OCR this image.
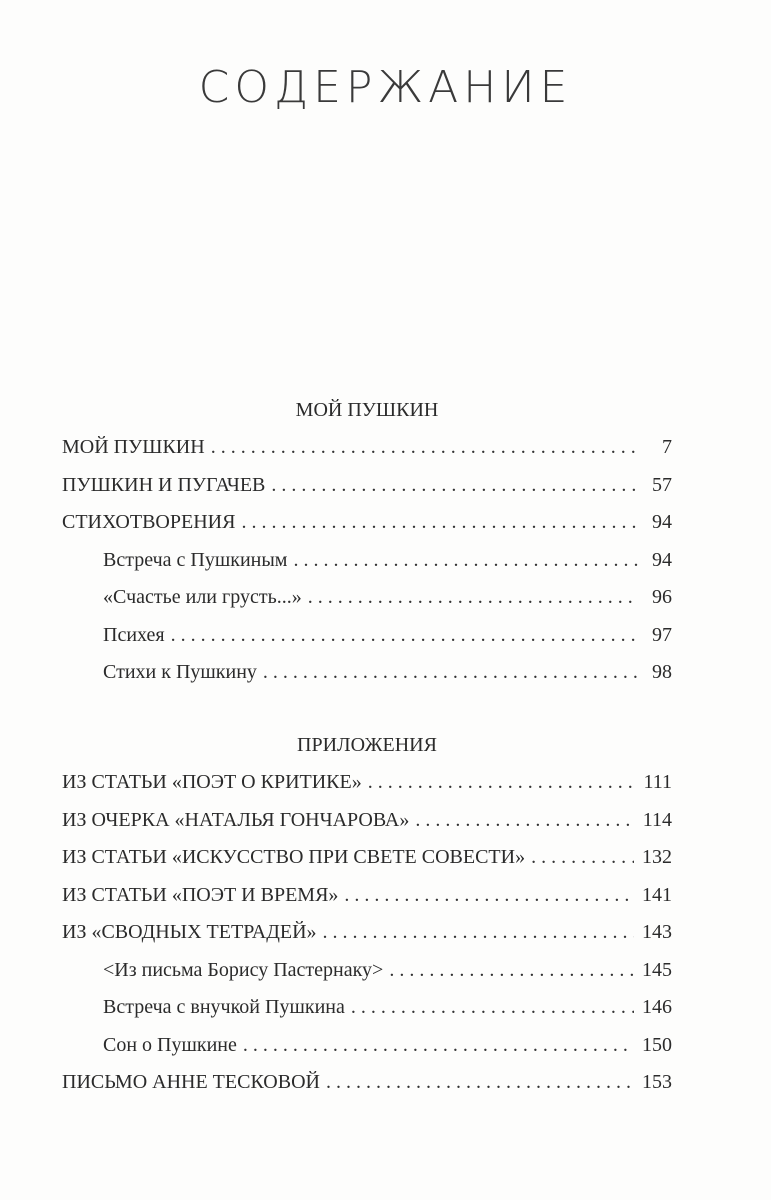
СОДЕРЖАНИЕ
МОЙ ПУШКИН
МОЙ ПУШКИН . . .	7
ПУШКИН И ПУГАЧЕВ . . .	57
СТИХОТВОРЕНИЯ . . .	94
Встреча с Пушкиным . . .	94
«Счастье или грусть...» . . .	96
Психея . . .	97
Стихи к Пушкину . . .	98
ПРИЛОЖЕНИЯ
ИЗ СТАТЬИ «ПОЭТ О КРИТИКЕ» . . .	111
ИЗ ОЧЕРКА «НАТАЛЬЯ ГОНЧАРОВА» . . .	114
ИЗ СТАТЬИ «ИСКУССТВО ПРИ СВЕТЕ СОВЕСТИ» . . .	132
ИЗ СТАТЬИ «ПОЭТ И ВРЕМЯ» . . .	141
ИЗ «СВОДНЫХ ТЕТРАДЕЙ» . . .	143
<Из письма Борису Пастернаку> . . .	145
Встреча с внучкой Пушкина . . .	146
Сон о Пушкине . . .	150
ПИСЬМО АННЕ ТЕСКОВОЙ . . .	153
